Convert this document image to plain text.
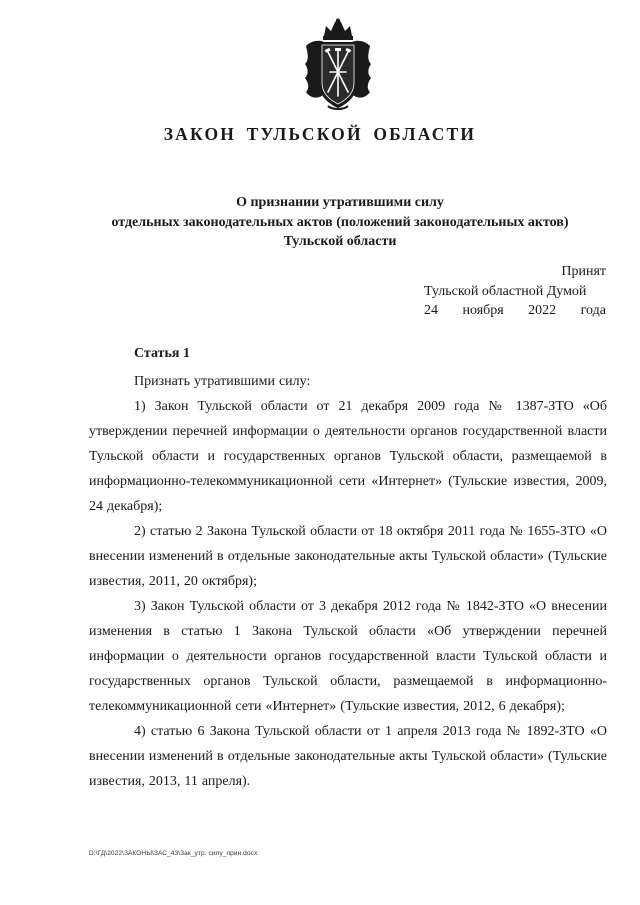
ЗАКОН ТУЛЬСКОЙ ОБЛАСТИ
О признании утратившими силу
отдельных законодательных актов (положений законодательных актов)
Тульской области
Принят
Тульской областной Думой
24 ноября 2022 года
Статья 1

Признать утратившими силу:

1) Закон Тульской области от 21 декабря 2009 года № 1387-ЗТО «Об утверждении перечней информации о деятельности органов государственной власти Тульской области и государственных органов Тульской области, размещаемой в информационно-телекоммуникационной сети «Интернет» (Тульские известия, 2009, 24 декабря);

2) статью 2 Закона Тульской области от 18 октября 2011 года № 1655-ЗТО «О внесении изменений в отдельные законодательные акты Тульской области» (Тульские известия, 2011, 20 октября);

3) Закон Тульской области от 3 декабря 2012 года № 1842-ЗТО «О внесении изменения в статью 1 Закона Тульской области «Об утверждении перечней информации о деятельности органов государственной власти Тульской области и государственных органов Тульской области, размещаемой в информационно-телекоммуникационной сети «Интернет» (Тульские известия, 2012, 6 декабря);

4) статью 6 Закона Тульской области от 1 апреля 2013 года № 1892-ЗТО «О внесении изменений в отдельные законодательные акты Тульской области» (Тульские известия, 2013, 11 апреля).

D:\ГД\2022\ЗАКОНЫ\ЗАС_43\Зак_утр. силу_прин.docx
